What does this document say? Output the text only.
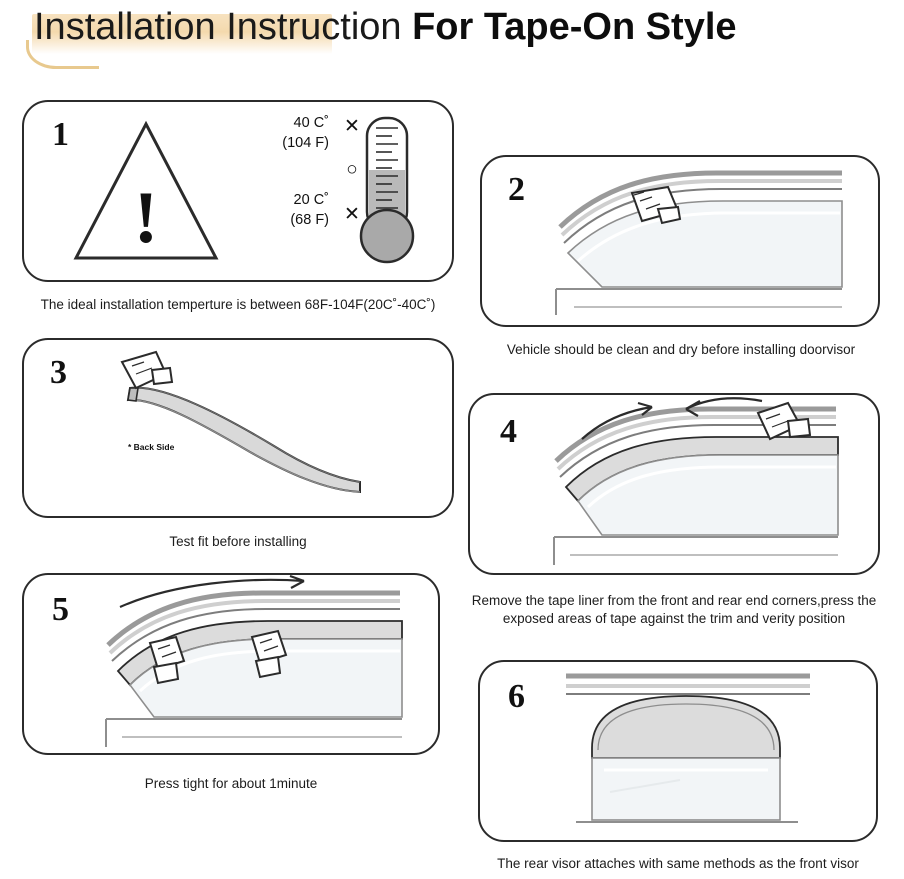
Installation Instruction For Tape-On Style
1
!
40 C˚
(104 F)
20 C˚
(68 F)
✕
○
✕
The ideal installation temperture is between 68F-104F(20C˚-40C˚)
2
Vehicle should be clean and dry before installing doorvisor
3
* Back Side
Test fit before installing
4
Remove the tape liner from the front and rear end corners,press the exposed areas of tape against the trim and verity position
5
Press tight for about 1minute
6
The rear visor attaches with same methods as the front visor
